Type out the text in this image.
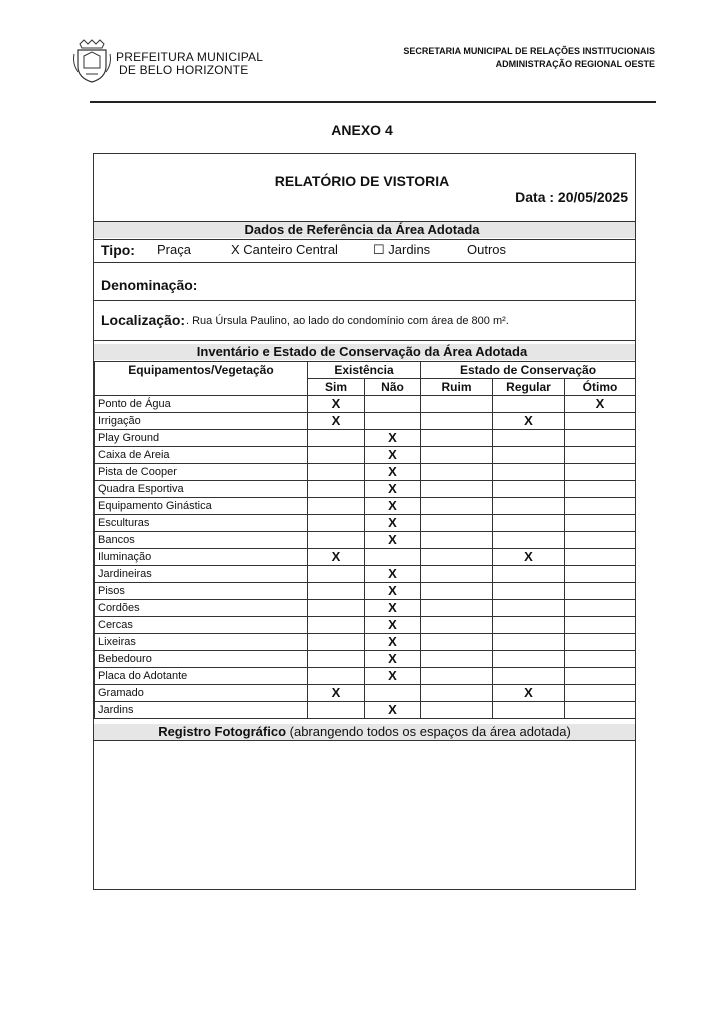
PREFEITURA MUNICIPAL
DE BELO HORIZONTE
SECRETARIA MUNICIPAL DE RELAÇÕES INSTITUCIONAIS
ADMINISTRAÇÃO REGIONAL OESTE
ANEXO 4
RELATÓRIO DE VISTORIA
Data : 20/05/2025
Dados de Referência da Área Adotada
Tipo: Praça	X Canteiro Central	☐ Jardins	Outros
Denominação:
Localização: . Rua Úrsula Paulino, ao lado do condomínio com área de 800 m².
Inventário e Estado de Conservação da Área Adotada
Equipamentos/Vegetação	Existência		Estado de Conservação		
	Sim	Não	Ruim	Regular	Ótimo
Ponto de Água	X				X
Irrigação	X			X	
Play Ground		X			
Caixa de Areia		X			
Pista de Cooper		X			
Quadra Esportiva		X			
Equipamento Ginástica		X			
Esculturas		X			
Bancos		X			
Iluminação	X			X	
Jardineiras		X			
Pisos		X			
Cordões		X			
Cercas		X			
Lixeiras		X			
Bebedouro		X			
Placa do Adotante		X			
Gramado	X			X	
Jardins		X			
Registro Fotográfico (abrangendo todos os espaços da área adotada)
